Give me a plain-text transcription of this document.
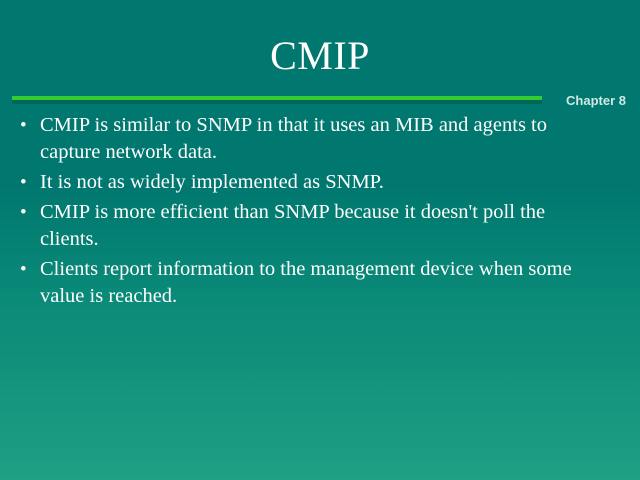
CMIP
Chapter 8
• CMIP is similar to SNMP in that it uses an MIB and agents to capture network data.
• It is not as widely implemented as SNMP.
• CMIP is more efficient than SNMP because it doesn't poll the clients.
• Clients report information to the management device when some value is reached.
